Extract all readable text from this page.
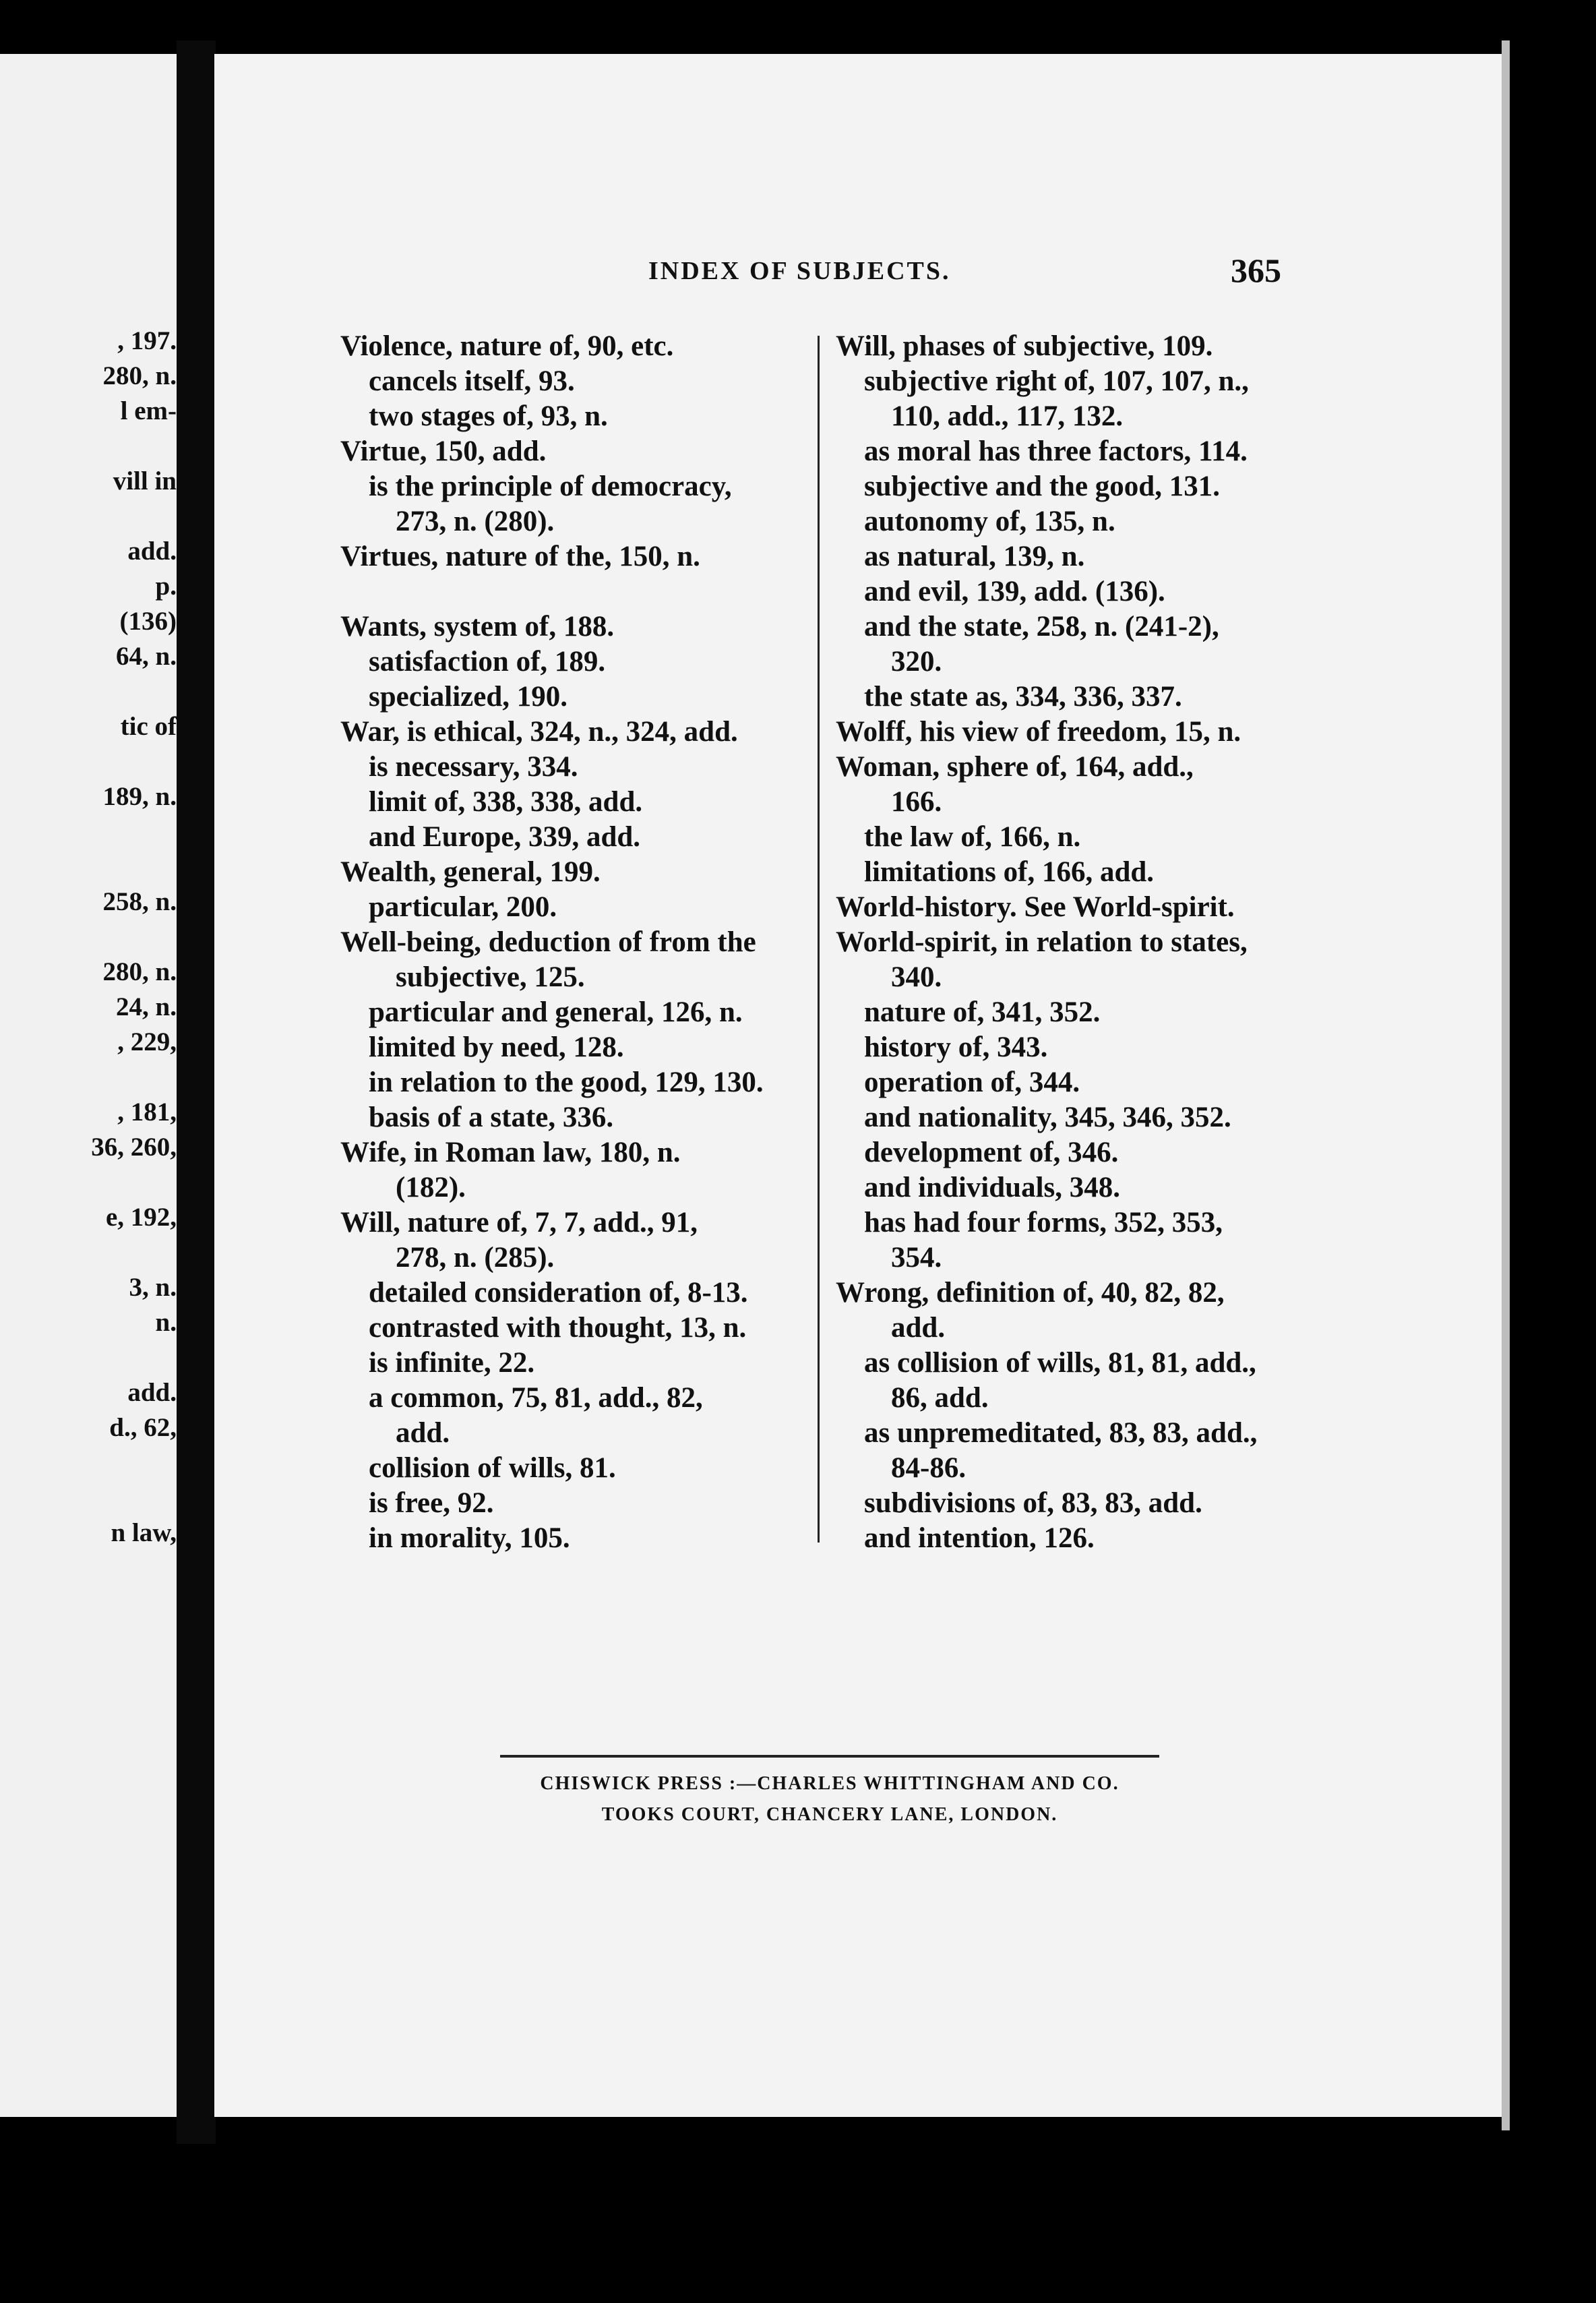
, 197.
280, n.
l em-
vill in
add.
p.
(136)
64, n.
tic of
189, n.
258, n.
280, n.
24, n.
, 229,
, 181,
36, 260,
e, 192,
3, n.
n.
add.
d., 62,
n law,
INDEX OF SUBJECTS.	365
Violence, nature of, 90, etc.
cancels itself, 93.
two stages of, 93, n.
Virtue, 150, add.
is the principle of democracy,
273, n. (280).
Virtues, nature of the, 150, n.
Wants, system of, 188.
satisfaction of, 189.
specialized, 190.
War, is ethical, 324, n., 324, add.
is necessary, 334.
limit of, 338, 338, add.
and Europe, 339, add.
Wealth, general, 199.
particular, 200.
Well-being, deduction of from the
subjective, 125.
particular and general, 126, n.
limited by need, 128.
in relation to the good, 129, 130.
basis of a state, 336.
Wife, in Roman law, 180, n.
(182).
Will, nature of, 7, 7, add., 91,
278, n. (285).
detailed consideration of, 8-13.
contrasted with thought, 13, n.
is infinite, 22.
a common, 75, 81, add., 82,
add.
collision of wills, 81.
is free, 92.
in morality, 105.
Will, phases of subjective, 109.
subjective right of, 107, 107, n.,
110, add., 117, 132.
as moral has three factors, 114.
subjective and the good, 131.
autonomy of, 135, n.
as natural, 139, n.
and evil, 139, add. (136).
and the state, 258, n. (241-2),
320.
the state as, 334, 336, 337.
Wolff, his view of freedom, 15, n.
Woman, sphere of, 164, add.,
166.
the law of, 166, n.
limitations of, 166, add.
World-history. See World-spirit.
World-spirit, in relation to states,
340.
nature of, 341, 352.
history of, 343.
operation of, 344.
and nationality, 345, 346, 352.
development of, 346.
and individuals, 348.
has had four forms, 352, 353,
354.
Wrong, definition of, 40, 82, 82,
add.
as collision of wills, 81, 81, add.,
86, add.
as unpremeditated, 83, 83, add.,
84-86.
subdivisions of, 83, 83, add.
and intention, 126.
CHISWICK PRESS :—CHARLES WHITTINGHAM AND CO.
TOOKS COURT, CHANCERY LANE, LONDON.
